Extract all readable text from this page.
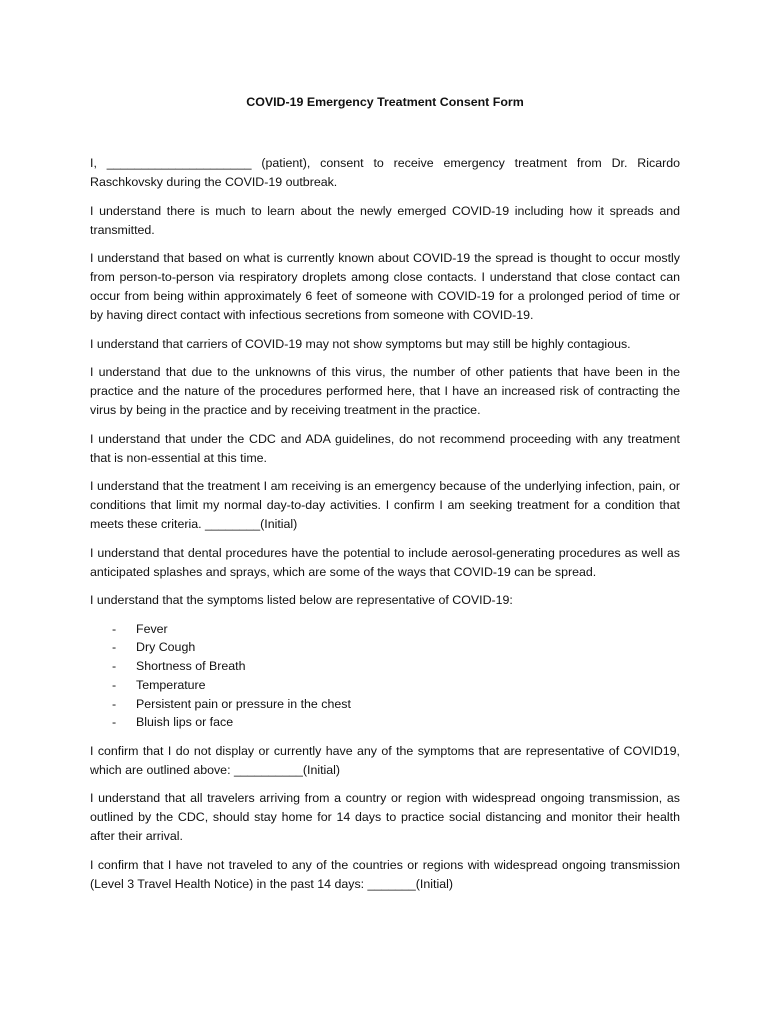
COVID-19 Emergency Treatment Consent Form

I, _____________________ (patient), consent to receive emergency treatment from Dr. Ricardo Raschkovsky during the COVID-19 outbreak.

I understand there is much to learn about the newly emerged COVID-19 including how it spreads and transmitted.

I understand that based on what is currently known about COVID-19 the spread is thought to occur mostly from person-to-person via respiratory droplets among close contacts. I understand that close contact can occur from being within approximately 6 feet of someone with COVID-19 for a prolonged period of time or by having direct contact with infectious secretions from someone with COVID-19.

I understand that carriers of COVID-19 may not show symptoms but may still be highly contagious.

I understand that due to the unknowns of this virus, the number of other patients that have been in the practice and the nature of the procedures performed here, that I have an increased risk of contracting the virus by being in the practice and by receiving treatment in the practice.

I understand that under the CDC and ADA guidelines, do not recommend proceeding with any treatment that is non-essential at this time.

I understand that the treatment I am receiving is an emergency because of the underlying infection, pain, or conditions that limit my normal day-to-day activities. I confirm I am seeking treatment for a condition that meets these criteria. ________(Initial)

I understand that dental procedures have the potential to include aerosol-generating procedures as well as anticipated splashes and sprays, which are some of the ways that COVID-19 can be spread.

I understand that the symptoms listed below are representative of COVID-19:

- Fever
- Dry Cough
- Shortness of Breath
- Temperature
- Persistent pain or pressure in the chest
- Bluish lips or face

I confirm that I do not display or currently have any of the symptoms that are representative of COVID19, which are outlined above: __________(Initial)

I understand that all travelers arriving from a country or region with widespread ongoing transmission, as outlined by the CDC, should stay home for 14 days to practice social distancing and monitor their health after their arrival.

I confirm that I have not traveled to any of the countries or regions with widespread ongoing transmission (Level 3 Travel Health Notice) in the past 14 days: _______(Initial)
